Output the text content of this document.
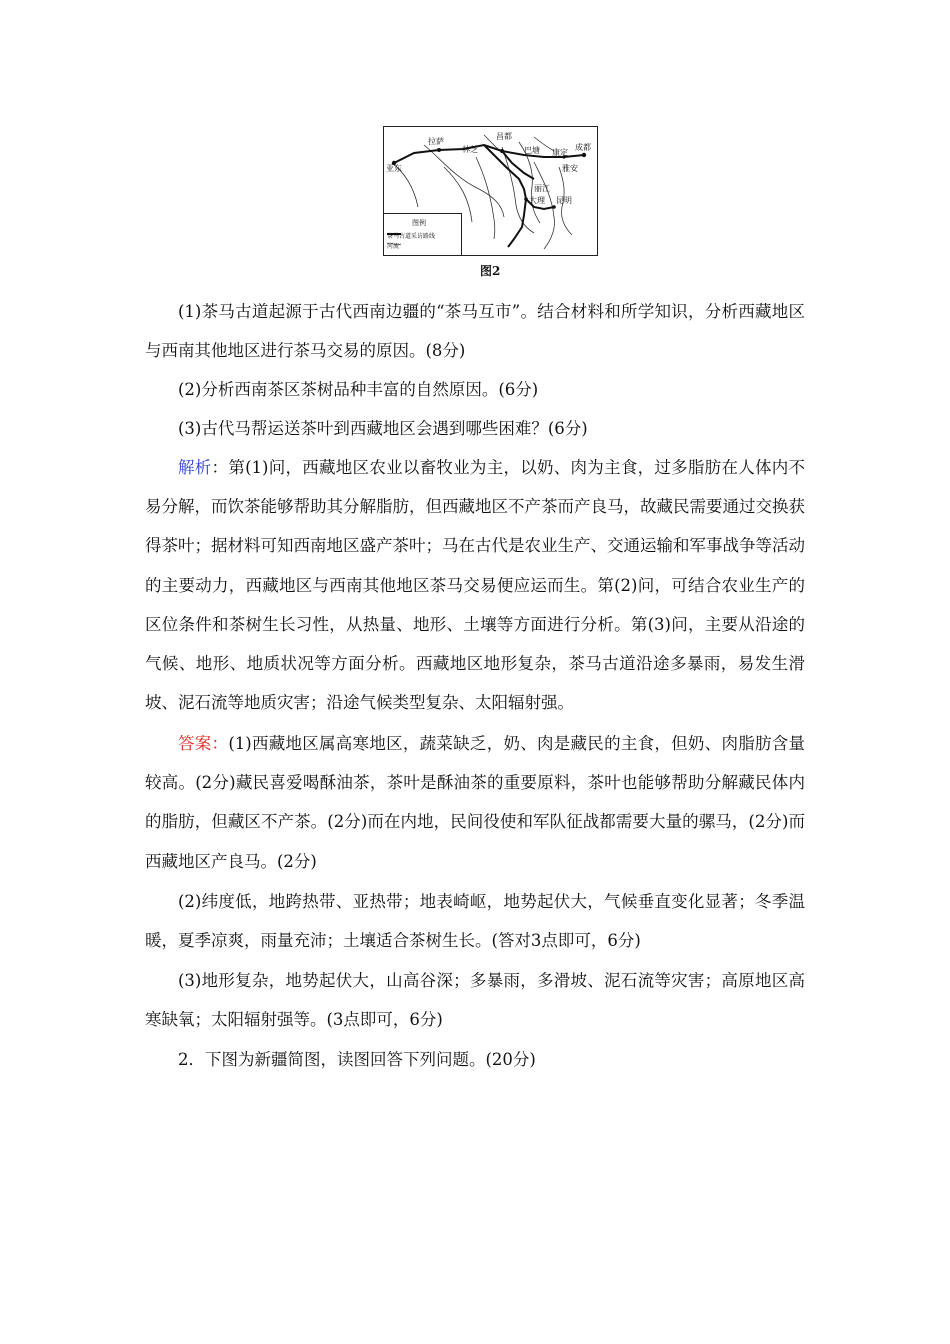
拉萨
昌都
林芝	巴塘 康定
成都
亚东	雅安
丽江
大理 昆明
图例
茶马古道采访路线
河流
图2
(1)茶马古道起源于古代西南边疆的“茶马互市”。结合材料和所学知识，分析西藏地区与西南其他地区进行茶马交易的原因。(8分)
(2)分析西南茶区茶树品种丰富的自然原因。(6分)
(3)古代马帮运送茶叶到西藏地区会遇到哪些困难？(6分)
解析：第(1)问，西藏地区农业以畜牧业为主，以奶、肉为主食，过多脂肪在人体内不易分解，而饮茶能够帮助其分解脂肪，但西藏地区不产茶而产良马，故藏民需要通过交换获得茶叶；据材料可知西南地区盛产茶叶；马在古代是农业生产、交通运输和军事战争等活动的主要动力，西藏地区与西南其他地区茶马交易便应运而生。第(2)问，可结合农业生产的区位条件和茶树生长习性，从热量、地形、土壤等方面进行分析。第(3)问，主要从沿途的气候、地形、地质状况等方面分析。西藏地区地形复杂，茶马古道沿途多暴雨，易发生滑坡、泥石流等地质灾害；沿途气候类型复杂、太阳辐射强。
答案：(1)西藏地区属高寒地区，蔬菜缺乏，奶、肉是藏民的主食，但奶、肉脂肪含量较高。(2分)藏民喜爱喝酥油茶，茶叶是酥油茶的重要原料，茶叶也能够帮助分解藏民体内的脂肪，但藏区不产茶。(2分)而在内地，民间役使和军队征战都需要大量的骡马，(2分)而西藏地区产良马。(2分)
(2)纬度低，地跨热带、亚热带；地表崎岖，地势起伏大，气候垂直变化显著；冬季温暖，夏季凉爽，雨量充沛；土壤适合茶树生长。(答对3点即可，6分)
(3)地形复杂，地势起伏大，山高谷深；多暴雨，多滑坡、泥石流等灾害；高原地区高寒缺氧；太阳辐射强等。(3点即可，6分)
2．下图为新疆简图，读图回答下列问题。(20分)
